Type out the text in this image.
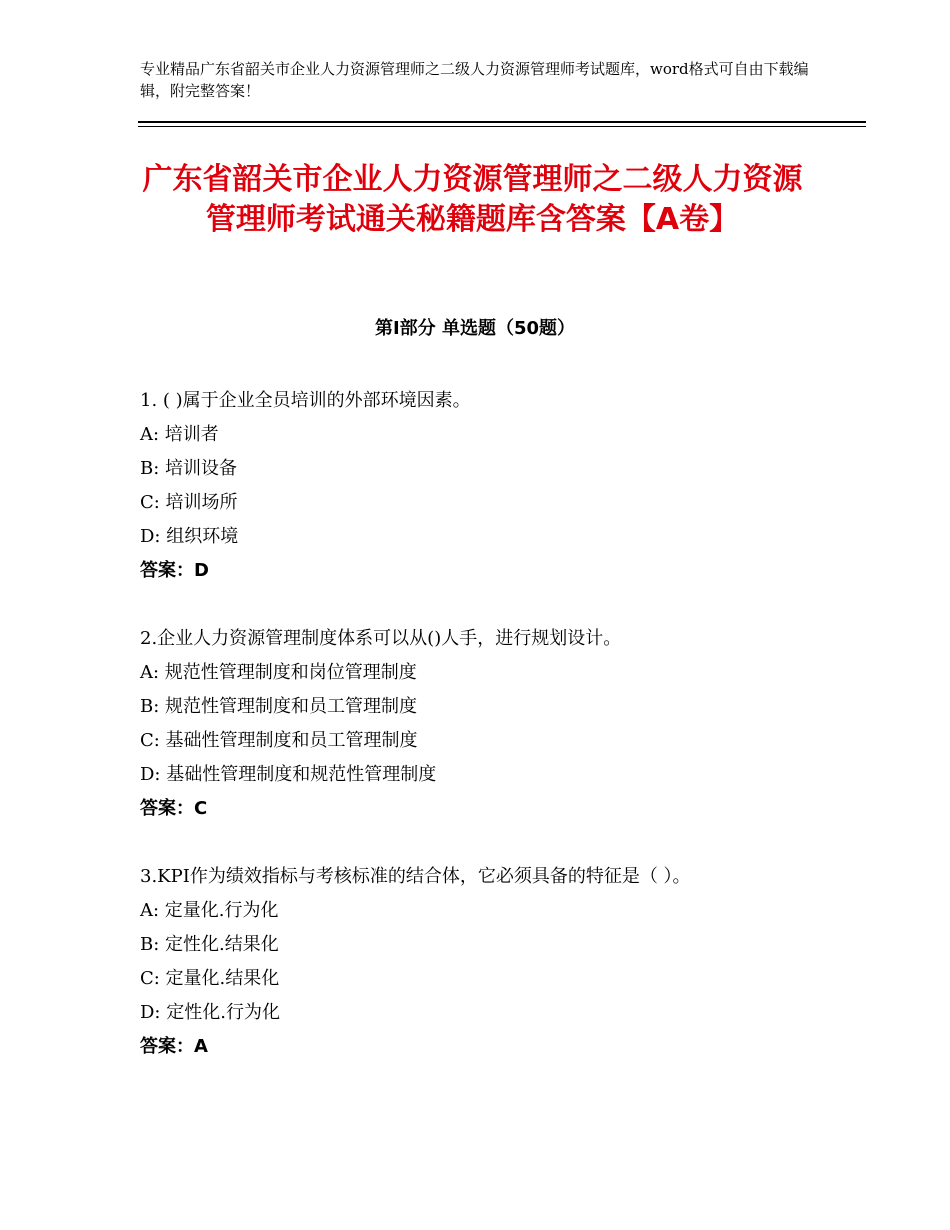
专业精品广东省韶关市企业人力资源管理师之二级人力资源管理师考试题库，word格式可自由下载编辑，附完整答案！
广东省韶关市企业人力资源管理师之二级人力资源管理师考试通关秘籍题库含答案【A卷】
第Ⅰ部分 单选题（50题）
1. ( )属于企业全员培训的外部环境因素。
A: 培训者
B: 培训设备
C: 培训场所
D: 组织环境
答案：D
2.企业人力资源管理制度体系可以从()人手，进行规划设计。
A: 规范性管理制度和岗位管理制度
B: 规范性管理制度和员工管理制度
C: 基础性管理制度和员工管理制度
D: 基础性管理制度和规范性管理制度
答案：C
3.KPI作为绩效指标与考核标准的结合体，它必须具备的特征是（ ）。
A: 定量化.行为化
B: 定性化.结果化
C: 定量化.结果化
D: 定性化.行为化
答案：A
